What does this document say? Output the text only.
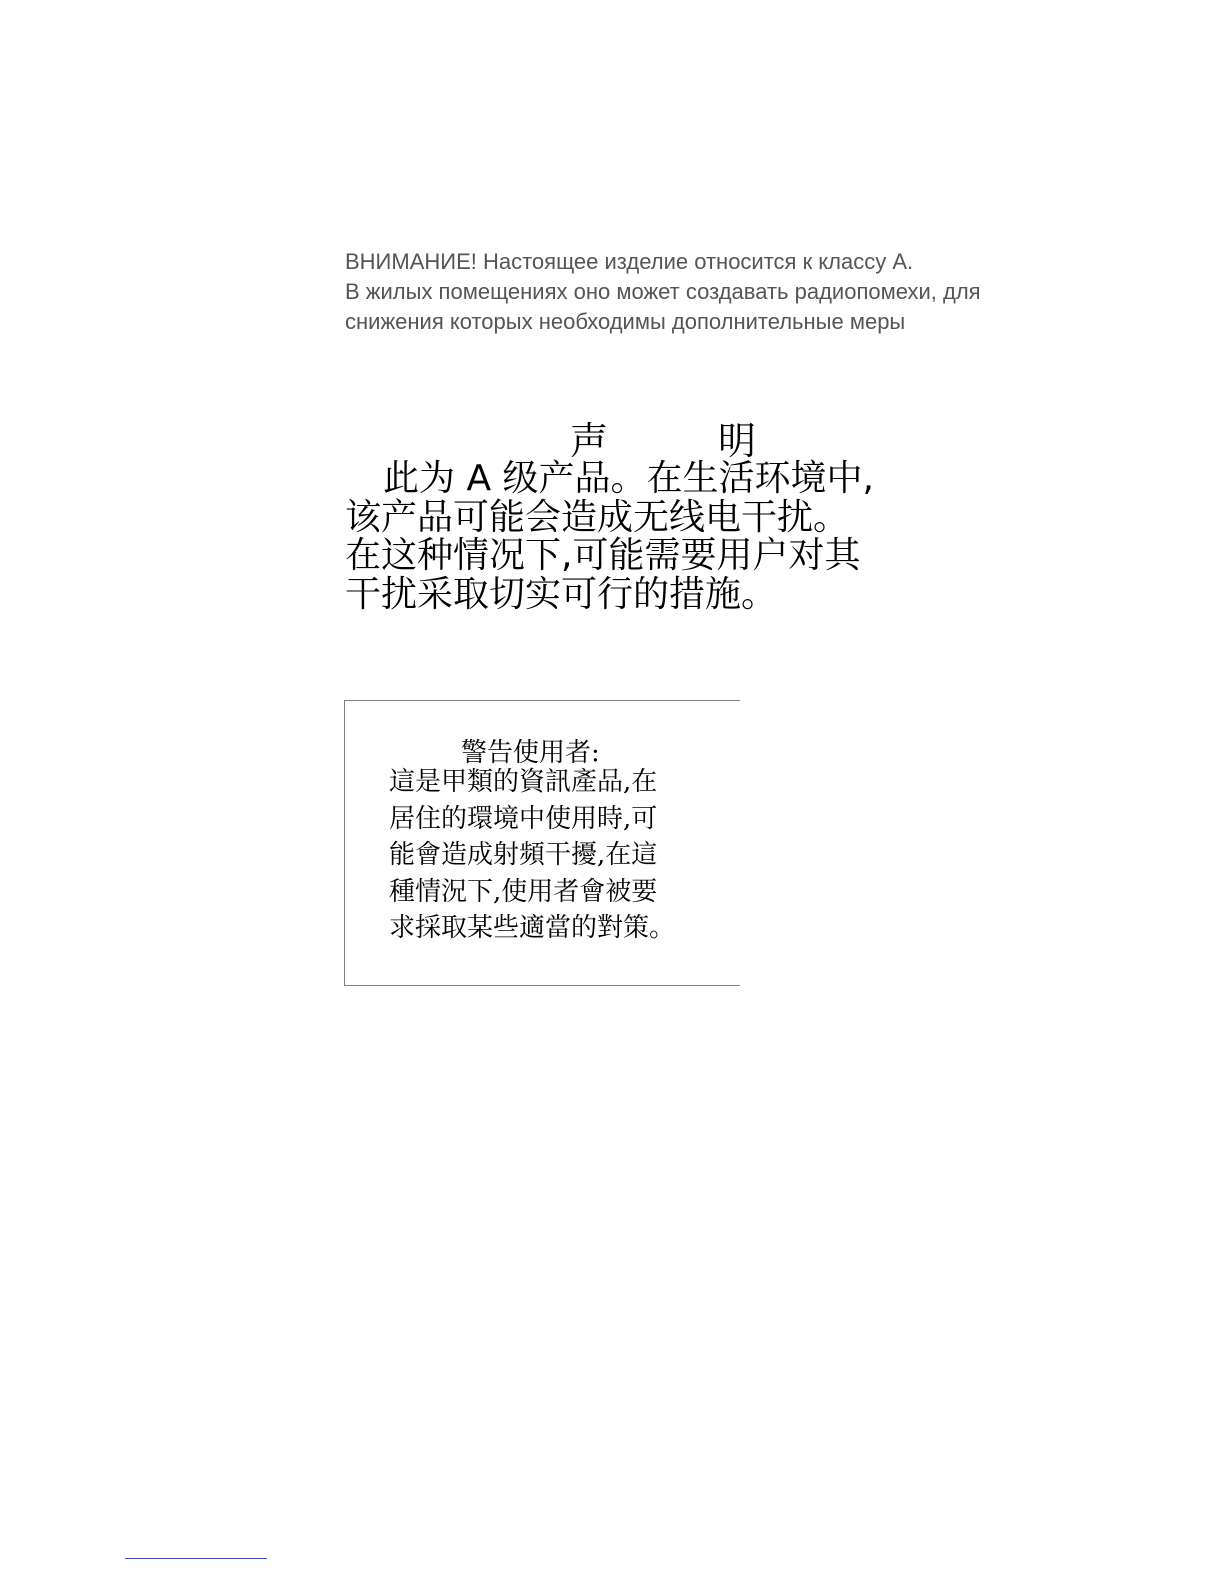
ВНИМАНИЕ! Настоящее изделие относится к классу А.
В жилых помещениях оно может создавать радиопомехи, для
снижения которых необходимы дополнительные меры
声	明
此为 A 级产品。在生活环境中,
该产品可能会造成无线电干扰。
在这种情况下,可能需要用户对其
干扰采取切实可行的措施。
警告使用者:
這是甲類的資訊產品,在
居住的環境中使用時,可
能會造成射頻干擾,在這
種情況下,使用者會被要
求採取某些適當的對策。
